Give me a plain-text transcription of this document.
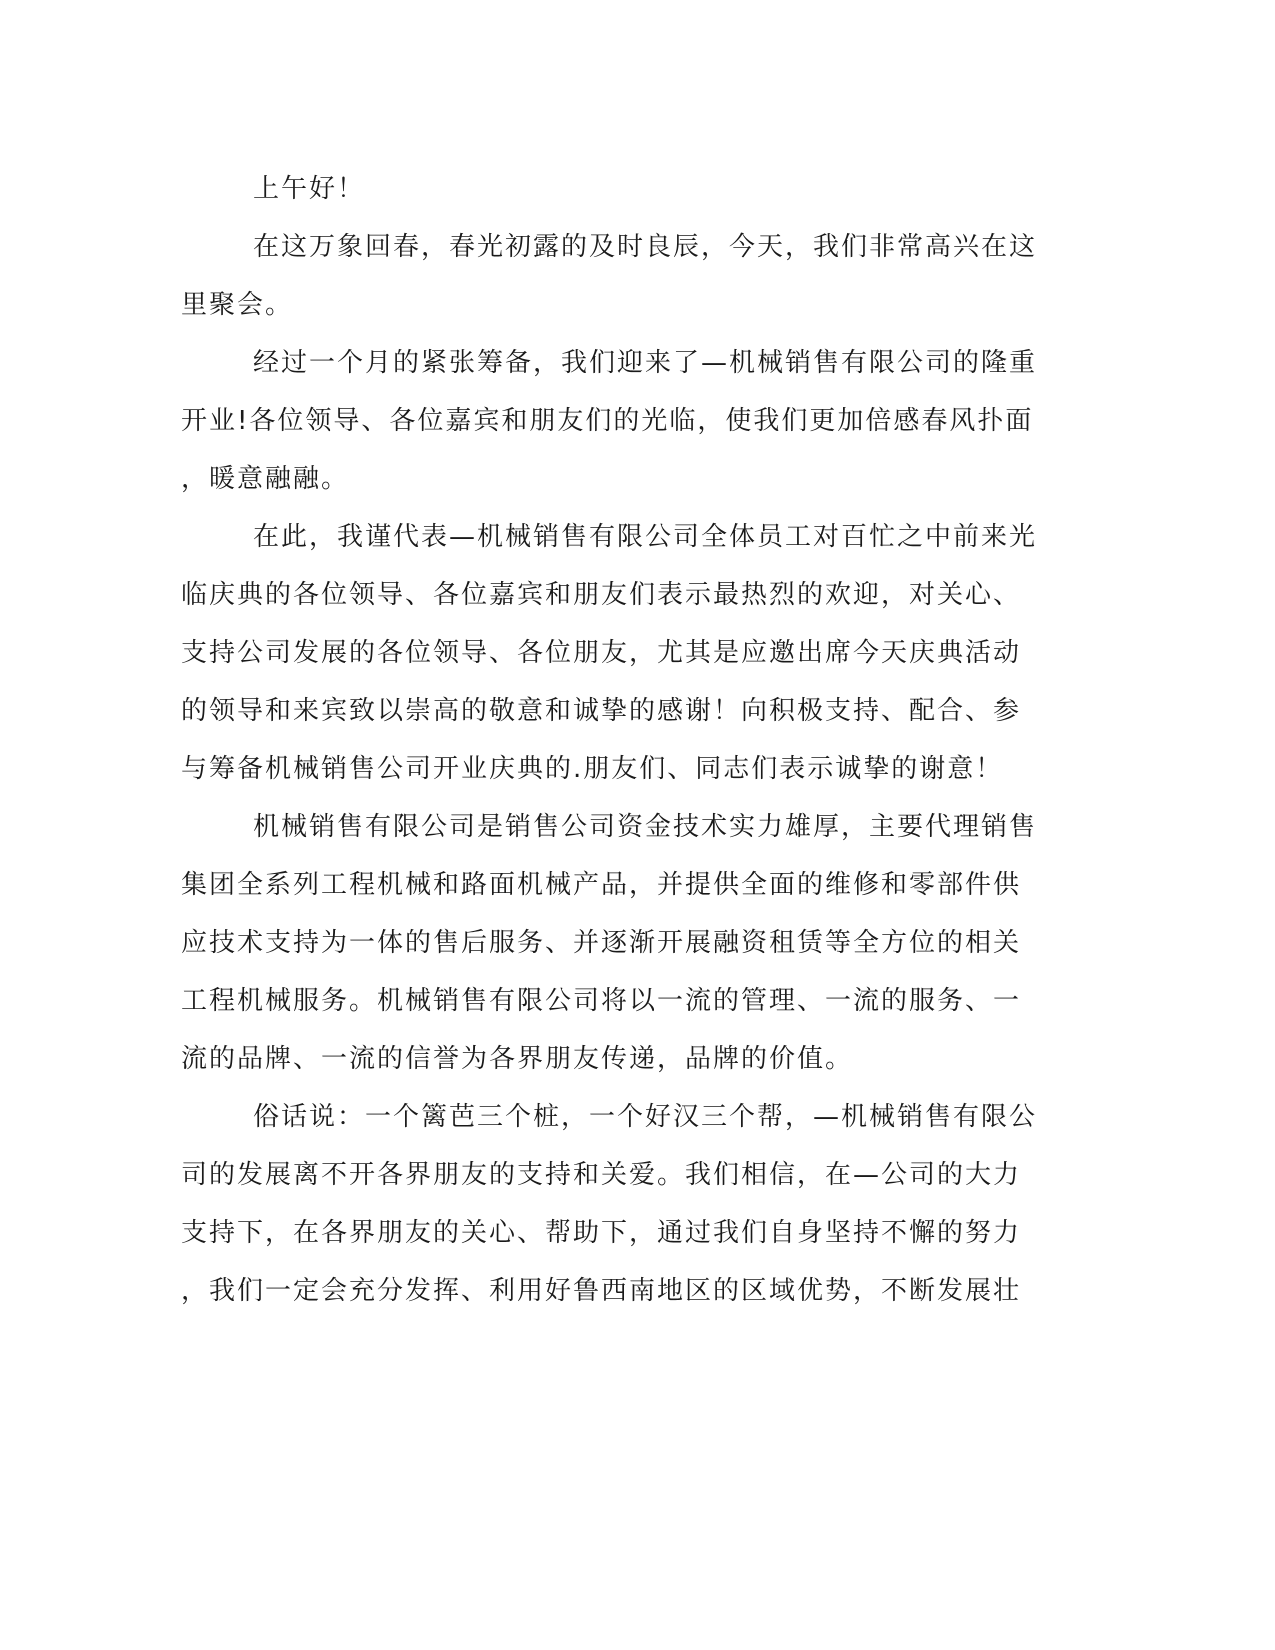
上午好！
在这万象回春，春光初露的及时良辰，今天，我们非常高兴在这
里聚会。
经过一个月的紧张筹备，我们迎来了—机械销售有限公司的隆重
开业!各位领导、各位嘉宾和朋友们的光临，使我们更加倍感春风扑面
，暖意融融。
在此，我谨代表—机械销售有限公司全体员工对百忙之中前来光
临庆典的各位领导、各位嘉宾和朋友们表示最热烈的欢迎，对关心、
支持公司发展的各位领导、各位朋友，尤其是应邀出席今天庆典活动
的领导和来宾致以崇高的敬意和诚挚的感谢！向积极支持、配合、参
与筹备机械销售公司开业庆典的.朋友们、同志们表示诚挚的谢意！
机械销售有限公司是销售公司资金技术实力雄厚，主要代理销售
集团全系列工程机械和路面机械产品，并提供全面的维修和零部件供
应技术支持为一体的售后服务、并逐渐开展融资租赁等全方位的相关
工程机械服务。机械销售有限公司将以一流的管理、一流的服务、一
流的品牌、一流的信誉为各界朋友传递，品牌的价值。
俗话说：一个篱芭三个桩，一个好汉三个帮，—机械销售有限公
司的发展离不开各界朋友的支持和关爱。我们相信，在—公司的大力
支持下，在各界朋友的关心、帮助下，通过我们自身坚持不懈的努力
，我们一定会充分发挥、利用好鲁西南地区的区域优势，不断发展壮
